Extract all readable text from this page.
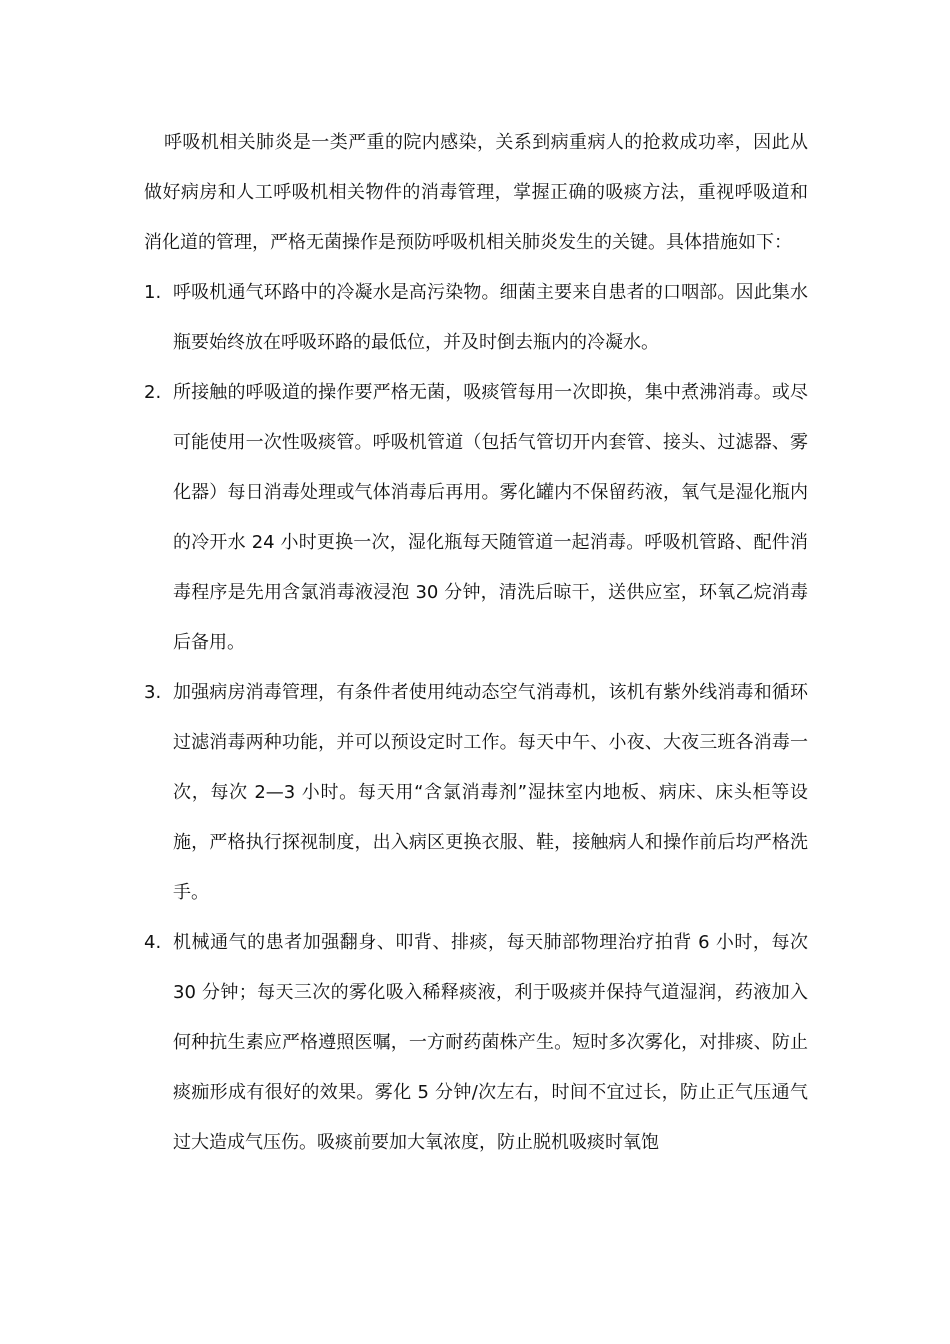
呼吸机相关肺炎是一类严重的院内感染，关系到病重病人的抢救成功率，因此从做好病房和人工呼吸机相关物件的消毒管理，掌握正确的吸痰方法，重视呼吸道和消化道的管理，严格无菌操作是预防呼吸机相关肺炎发生的关键。具体措施如下：

1. 呼吸机通气环路中的冷凝水是高污染物。细菌主要来自患者的口咽部。因此集水瓶要始终放在呼吸环路的最低位，并及时倒去瓶内的冷凝水。
2. 所接触的呼吸道的操作要严格无菌，吸痰管每用一次即换，集中煮沸消毒。或尽可能使用一次性吸痰管。呼吸机管道（包括气管切开内套管、接头、过滤器、雾化器）每日消毒处理或气体消毒后再用。雾化罐内不保留药液，氧气是湿化瓶内的冷开水 24 小时更换一次，湿化瓶每天随管道一起消毒。呼吸机管路、配件消毒程序是先用含氯消毒液浸泡 30 分钟，清洗后晾干，送供应室，环氧乙烷消毒后备用。
3. 加强病房消毒管理，有条件者使用纯动态空气消毒机，该机有紫外线消毒和循环过滤消毒两种功能，并可以预设定时工作。每天中午、小夜、大夜三班各消毒一次，每次 2—3 小时。每天用“含氯消毒剂”湿抹室内地板、病床、床头柜等设施，严格执行探视制度，出入病区更换衣服、鞋，接触病人和操作前后均严格洗手。
4. 机械通气的患者加强翻身、叩背、排痰，每天肺部物理治疗拍背 6 小时，每次 30 分钟；每天三次的雾化吸入稀释痰液，利于吸痰并保持气道湿润，药液加入何种抗生素应严格遵照医嘱，一方耐药菌株产生。短时多次雾化，对排痰、防止痰痂形成有很好的效果。雾化 5 分钟/次左右，时间不宜过长，防止正气压通气过大造成气压伤。吸痰前要加大氧浓度，防止脱机吸痰时氧饱
